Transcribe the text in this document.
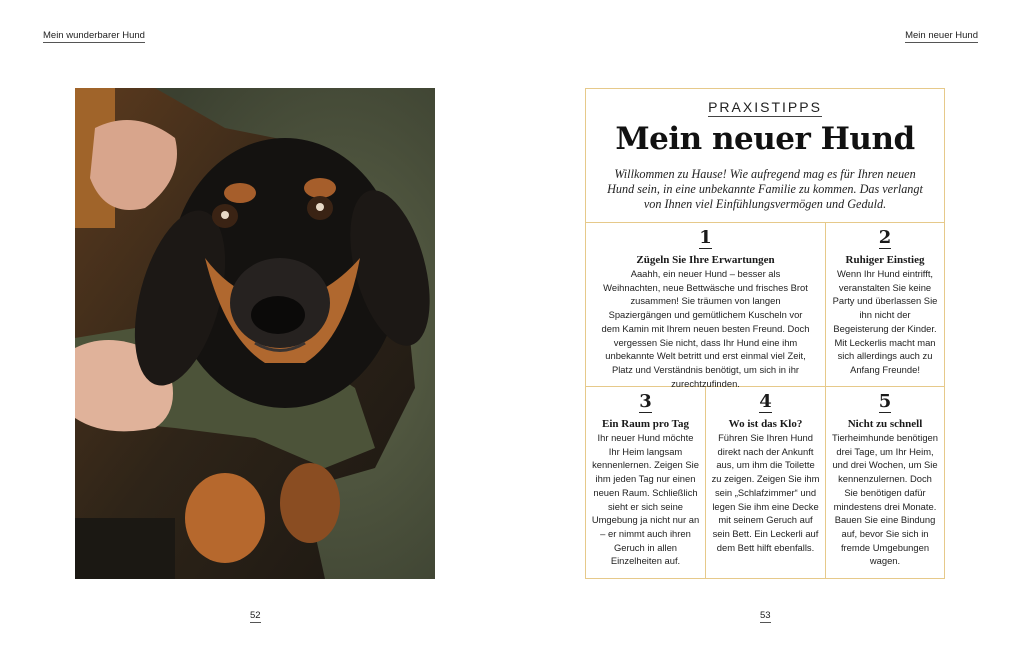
Mein wunderbarer Hund	Mein neuer Hund
PRAXISTIPPS
Mein neuer Hund
Willkommen zu Hause! Wie aufregend mag es für Ihren neuen Hund sein, in eine unbekannte Familie zu kommen. Das verlangt von Ihnen viel Einfühlungsvermögen und Geduld.
1
Zügeln Sie Ihre Erwartungen
Aaahh, ein neuer Hund – besser als Weihnachten, neue Bettwäsche und frisches Brot zusammen! Sie träumen von langen Spaziergängen und gemütlichem Kuscheln vor dem Kamin mit Ihrem neuen besten Freund. Doch vergessen Sie nicht, dass Ihr Hund eine ihm unbekannte Welt betritt und erst einmal viel Zeit, Platz und Verständnis benötigt, um sich in ihr zurechtzufinden.
2
Ruhiger Einstieg
Wenn Ihr Hund eintrifft, veranstalten Sie keine Party und überlassen Sie ihn nicht der Begeisterung der Kinder. Mit Leckerlis macht man sich allerdings auch zu Anfang Freunde!
3
Ein Raum pro Tag
Ihr neuer Hund möchte Ihr Heim langsam kennenlernen. Zeigen Sie ihm jeden Tag nur einen neuen Raum. Schließlich sieht er sich seine Umgebung ja nicht nur an – er nimmt auch ihren Geruch in allen Einzelheiten auf.
4
Wo ist das Klo?
Führen Sie Ihren Hund direkt nach der Ankunft aus, um ihm die Toilette zu zeigen. Zeigen Sie ihm sein „Schlafzimmer“ und legen Sie ihm eine Decke mit seinem Geruch auf sein Bett. Ein Leckerli auf dem Bett hilft ebenfalls.
5
Nicht zu schnell
Tierheimhunde benötigen drei Tage, um Ihr Heim, und drei Wochen, um Sie kennenzulernen. Doch Sie benötigen dafür mindestens drei Monate. Bauen Sie eine Bindung auf, bevor Sie sich in fremde Umgebungen wagen.
52	53
